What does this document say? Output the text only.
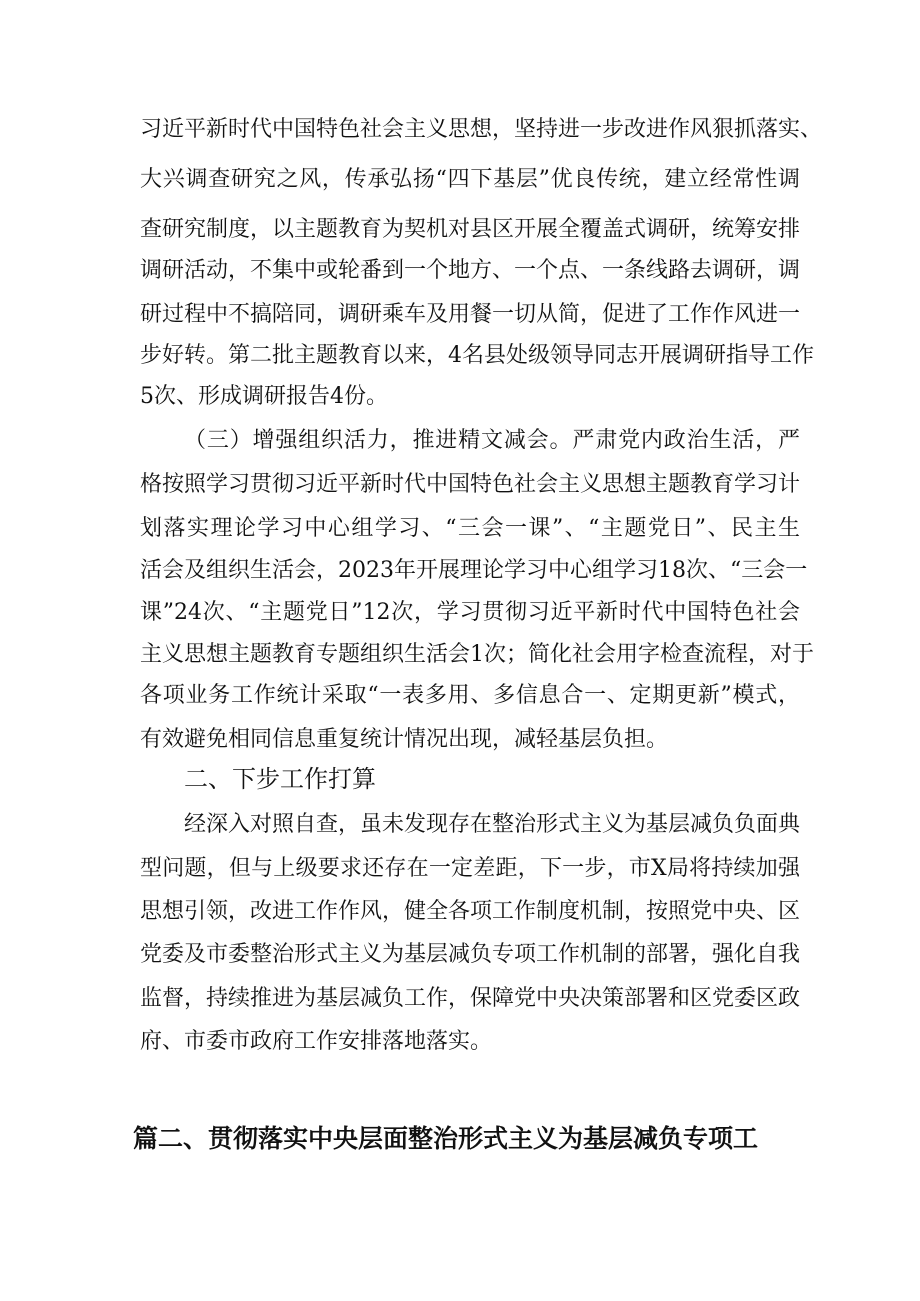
习近平新时代中国特色社会主义思想，坚持进一步改进作风狠抓落实、
大兴调查研究之风，传承弘扬“四下基层”优良传统，建立经常性调
查研究制度，以主题教育为契机对县区开展全覆盖式调研，统筹安排
调研活动，不集中或轮番到一个地方、一个点、一条线路去调研，调
研过程中不搞陪同，调研乘车及用餐一切从简，促进了工作作风进一
步好转。第二批主题教育以来，4名县处级领导同志开展调研指导工作
5次、形成调研报告4份。
（三）增强组织活力，推进精文减会。严肃党内政治生活，严
格按照学习贯彻习近平新时代中国特色社会主义思想主题教育学习计
划落实理论学习中心组学习、“三会一课”、“主题党日”、民主生
活会及组织生活会，2023年开展理论学习中心组学习18次、“三会一
课”24次、“主题党日”12次，学习贯彻习近平新时代中国特色社会
主义思想主题教育专题组织生活会1次；简化社会用字检查流程，对于
各项业务工作统计采取“一表多用、多信息合一、定期更新”模式，
有效避免相同信息重复统计情况出现，减轻基层负担。
二、下步工作打算
经深入对照自查，虽未发现存在整治形式主义为基层减负负面典
型问题，但与上级要求还存在一定差距，下一步，市X局将持续加强
思想引领，改进工作作风，健全各项工作制度机制，按照党中央、区
党委及市委整治形式主义为基层减负专项工作机制的部署，强化自我
监督，持续推进为基层减负工作，保障党中央决策部署和区党委区政
府、市委市政府工作安排落地落实。
篇二、贯彻落实中央层面整治形式主义为基层减负专项工
